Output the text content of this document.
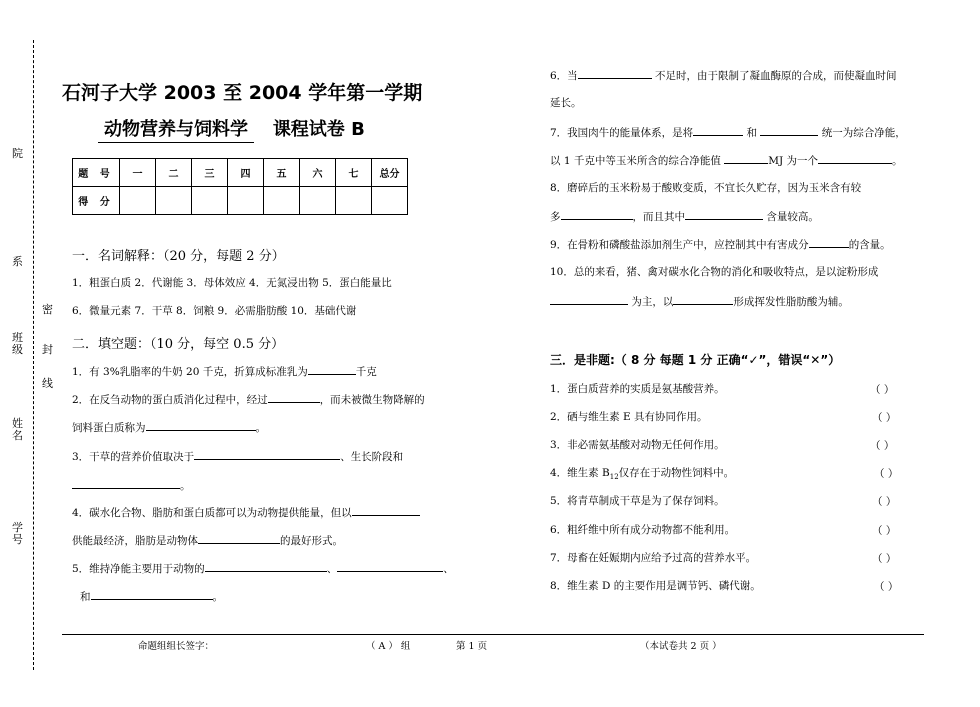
院
系
班级
姓名
学号
密
封
线
石河子大学 2003 至 2004 学年第一学期
动物营养与饲料学 课程试卷 B
题 号	一	二	三	四	五	六	七	总分
得 分								
一．名词解释：（20 分，每题 2 分）
1．粗蛋白质 2．代谢能 3．母体效应 4．无氮浸出物 5．蛋白能量比
6．微量元素 7．干草 8．饲粮 9．必需脂肪酸 10．基础代谢
二．填空题：（10 分，每空 0.5 分）
1．有 3%乳脂率的牛奶 20 千克，折算成标准乳为	千克
2．在反刍动物的蛋白质消化过程中，经过	，而未被微生物降解的
饲料蛋白质称为	。
3．干草的营养价值取决于	、生长阶段和
。
4．碳水化合物、脂肪和蛋白质都可以为动物提供能量，但以
供能最经济，脂肪是动物体	的最好形式。
5．维持净能主要用于动物的	、	、
和	。
6．当	不足时，由于限制了凝血酶原的合成，而使凝血时间
延长。
7．我国肉牛的能量体系，是将	和	统一为综合净能，
以 1 千克中等玉米所含的综合净能值	MJ 为一个	。
8．磨碎后的玉米粉易于酸败变质，不宜长久贮存，因为玉米含有较
多	，而且其中	含量较高。
9．在骨粉和磷酸盐添加剂生产中，应控制其中有害成分	的含量。
10．总的来看，猪、禽对碳水化合物的消化和吸收特点，是以淀粉形成
为主，以	形成挥发性脂肪酸为辅。
三．是非题:（ 8 分 每题 1 分 正确“✓”，错误“✕”）
1．蛋白质营养的实质是氨基酸营养。	（ ）
2．硒与维生素 E 具有协同作用。	（ ）
3．非必需氨基酸对动物无任何作用。	（ ）
4．维生素 $B_{12}$仅存在于动物性饲料中。	（ ）
5．将青草制成干草是为了保存饲料。	（ ）
6．粗纤维中所有成分动物都不能利用。	（ ）
7．母畜在妊娠期内应给予过高的营养水平。	（ ）
8．维生素 D 的主要作用是调节钙、磷代谢。	（ ）
命题组组长签字：	（ A ） 组	第 1 页	（本试卷共 2 页 ）
